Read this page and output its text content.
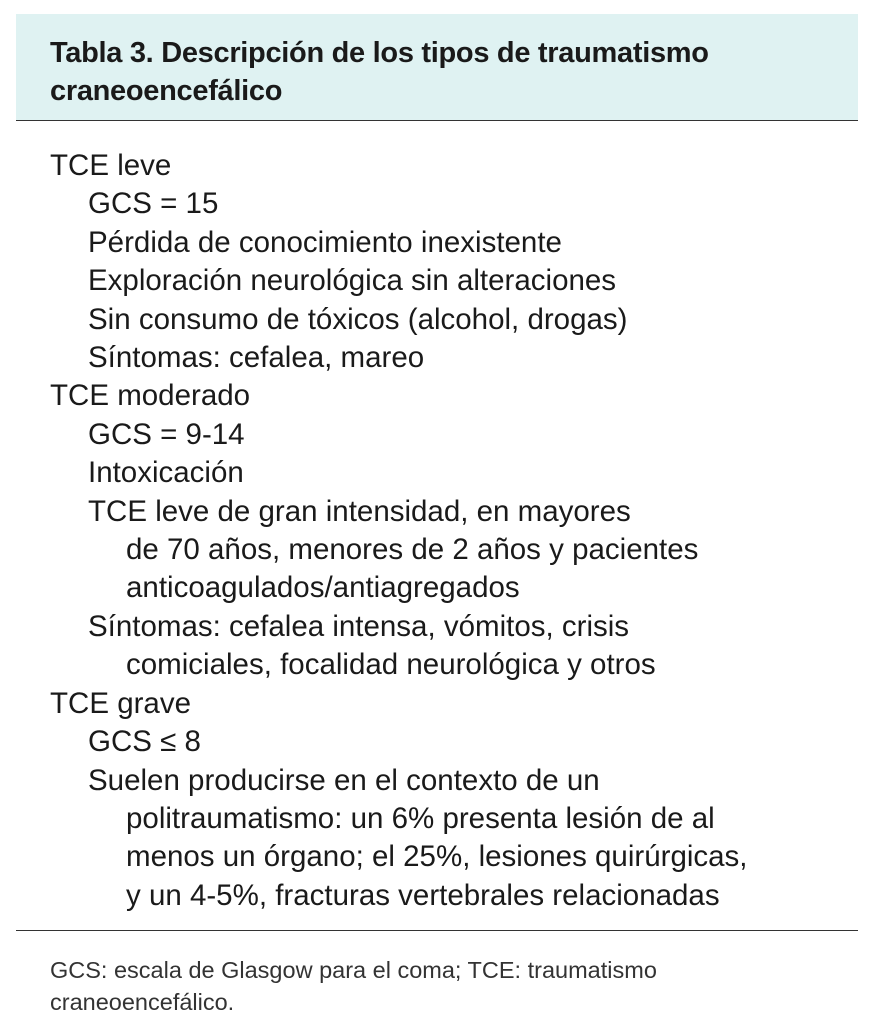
Tabla 3. Descripción de los tipos de traumatismo craneoencefálico
TCE leve
GCS = 15
Pérdida de conocimiento inexistente
Exploración neurológica sin alteraciones
Sin consumo de tóxicos (alcohol, drogas)
Síntomas: cefalea, mareo
TCE moderado
GCS = 9-14
Intoxicación
TCE leve de gran intensidad, en mayores
de 70 años, menores de 2 años y pacientes
anticoagulados/antiagregados
Síntomas: cefalea intensa, vómitos, crisis
comiciales, focalidad neurológica y otros
TCE grave
GCS ≤ 8
Suelen producirse en el contexto de un
politraumatismo: un 6% presenta lesión de al
menos un órgano; el 25%, lesiones quirúrgicas,
y un 4-5%, fracturas vertebrales relacionadas
GCS: escala de Glasgow para el coma; TCE: traumatismo craneoencefálico.
